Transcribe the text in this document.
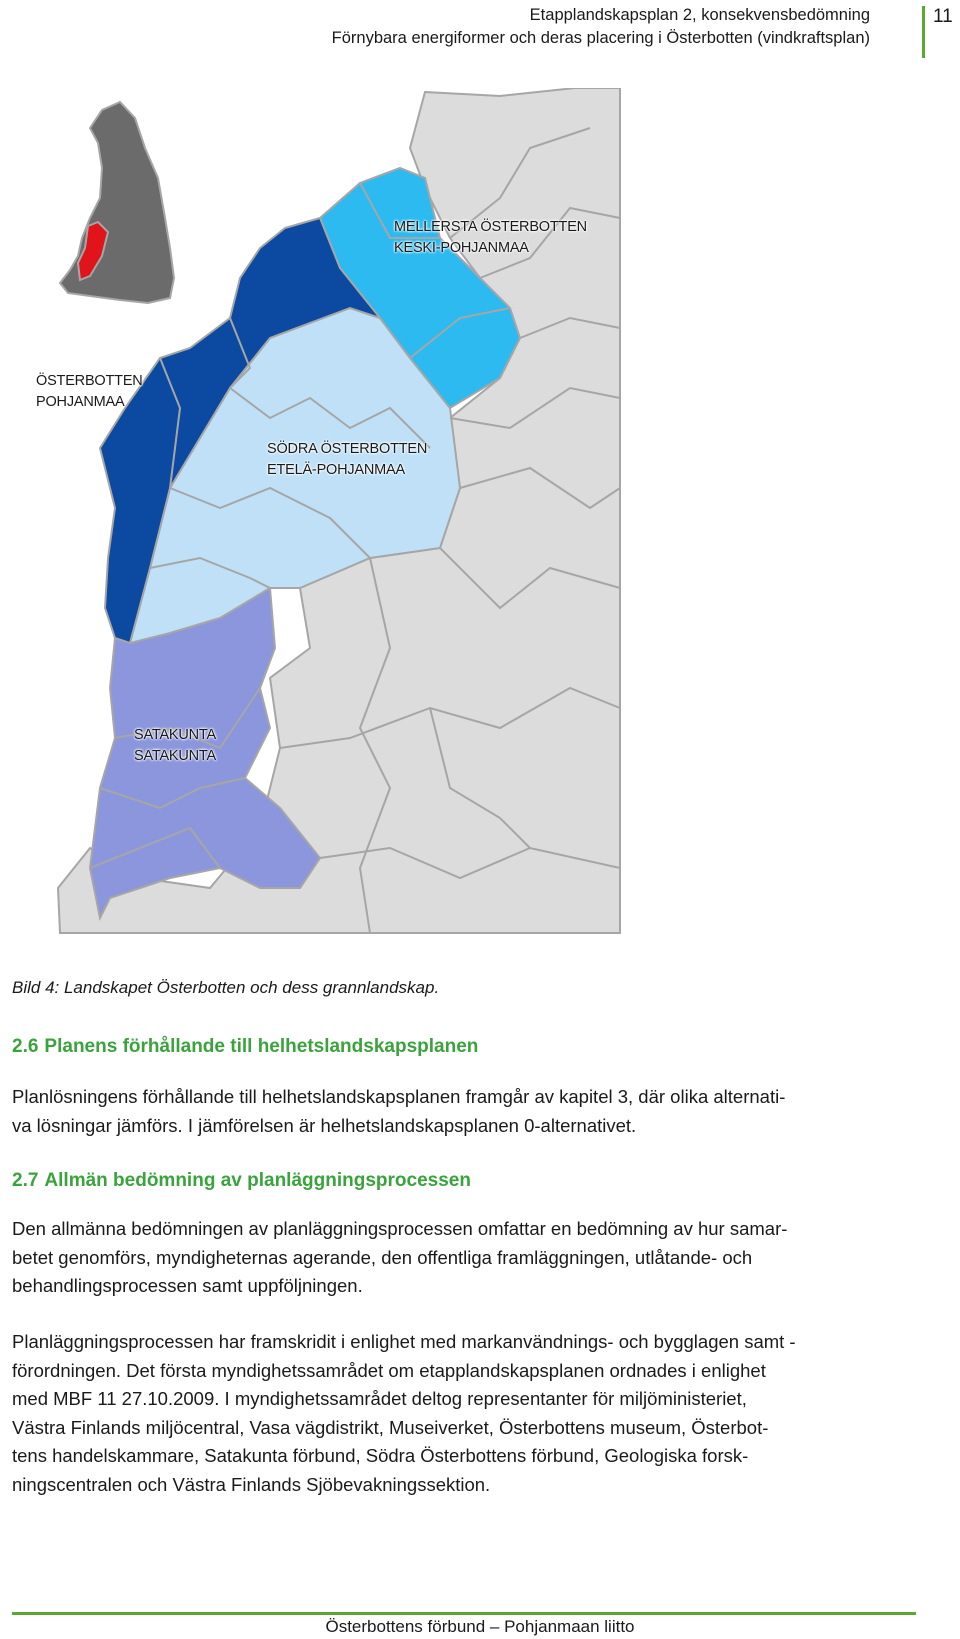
Etapplandskapsplan 2, konsekvensbedömning
Förnybara energiformer och deras placering i Österbotten (vindkraftsplan)
11
MELLERSTA ÖSTERBOTTEN
KESKI-POHJANMAA
ÖSTERBOTTEN
POHJANMAA
SÖDRA ÖSTERBOTTEN
ETELÄ-POHJANMAA
SATAKUNTA
SATAKUNTA
Bild 4: Landskapet Österbotten och dess grannlandskap.
2.6 Planens förhållande till helhetslandskapsplanen
Planlösningens förhållande till helhetslandskapsplanen framgår av kapitel 3, där olika alternati-
va lösningar jämförs. I jämförelsen är helhetslandskapsplanen 0-alternativet.
2.7 Allmän bedömning av planläggningsprocessen
Den allmänna bedömningen av planläggningsprocessen omfattar en bedömning av hur samar-
betet genomförs, myndigheternas agerande, den offentliga framläggningen, utlåtande- och
behandlingsprocessen samt uppföljningen.
Planläggningsprocessen har framskridit i enlighet med markanvändnings- och bygglagen samt -
förordningen. Det första myndighetssamrådet om etapplandskapsplanen ordnades i enlighet
med MBF 11 27.10.2009. I myndighetssamrådet deltog representanter för miljöministeriet,
Västra Finlands miljöcentral, Vasa vägdistrikt, Museiverket, Österbottens museum, Österbot-
tens handelskammare, Satakunta förbund, Södra Österbottens förbund, Geologiska forsk-
ningscentralen och Västra Finlands Sjöbevakningssektion.
Österbottens förbund – Pohjanmaan liitto
